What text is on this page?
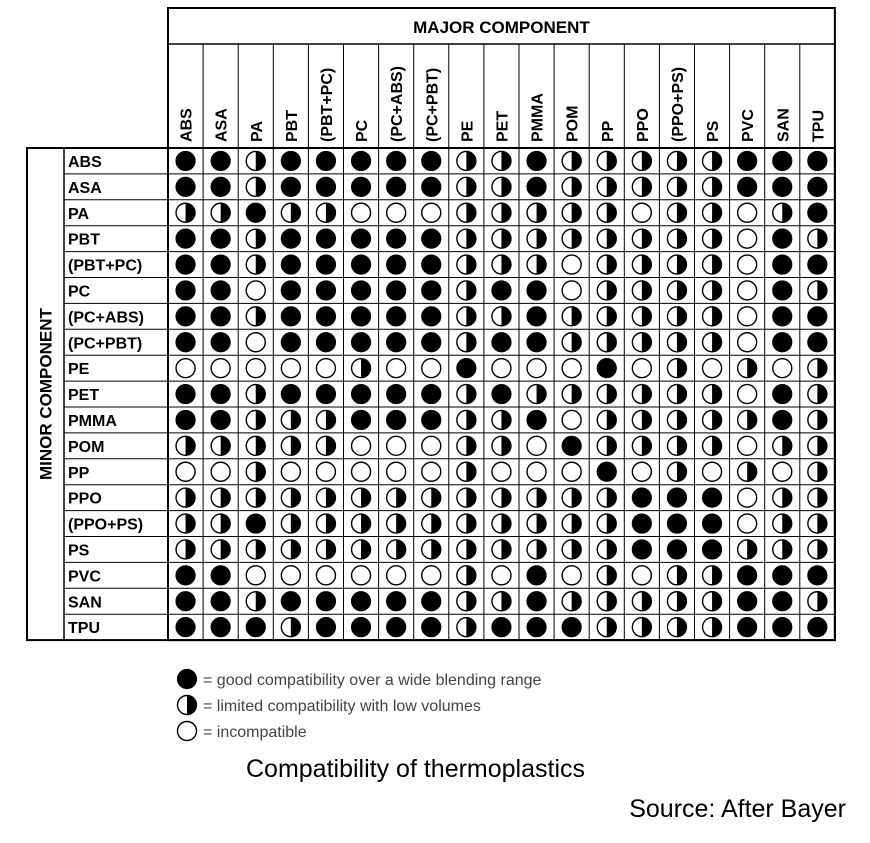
MAJOR COMPONENT
MINOR COMPONENT
ABS ASA PA PBT (PBT+PC) PC (PC+ABS) (PC+PBT) PE PET PMMA POM PP PPO (PPO+PS) PS PVC SAN TPU
ABS
ASA
PA
PBT
(PBT+PC)
PC
(PC+ABS)
(PC+PBT)
PE
PET
PMMA
POM
PP
PPO
(PPO+PS)
PS
PVC
SAN
TPU
= good compatibility over a wide blending range
= limited compatibility with low volumes
= incompatible
Compatibility of thermoplastics
Source: After Bayer
